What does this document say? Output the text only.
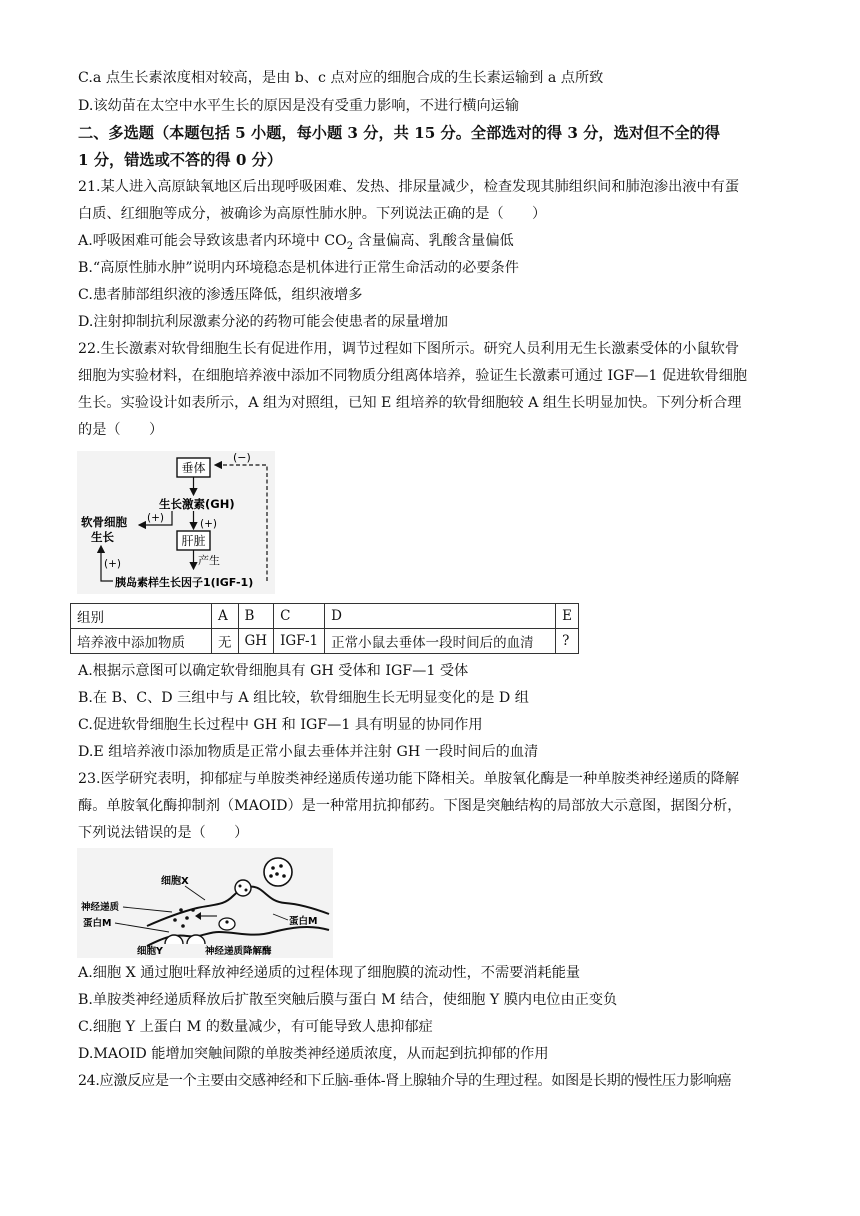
C.a 点生长素浓度相对较高，是由 b、c 点对应的细胞合成的生长素运输到 a 点所致
D.该幼苗在太空中水平生长的原因是没有受重力影响，不进行横向运输
二、多选题（本题包括 5 小题，每小题 3 分，共 15 分。全部选对的得 3 分，选对但不全的得
1 分，错选或不答的得 0 分）
21.某人进入高原缺氧地区后出现呼吸困难、发热、排尿量减少，检查发现其肺组织间和肺泡渗出液中有蛋
白质、红细胞等成分，被确诊为高原性肺水肿。下列说法正确的是（　　）
A.呼吸困难可能会导致该患者内环境中 $CO_2$ 含量偏高、乳酸含量偏低
B.“高原性肺水肿”说明内环境稳态是机体进行正常生命活动的必要条件
C.患者肺部组织液的渗透压降低，组织液增多
D.注射抑制抗利尿激素分泌的药物可能会使患者的尿量增加
22.生长激素对软骨细胞生长有促进作用，调节过程如下图所示。研究人员利用无生长激素受体的小鼠软骨
细胞为实验材料，在细胞培养液中添加不同物质分组离体培养，验证生长激素可通过 IGF—1 促进软骨细胞
生长。实验设计如表所示，A 组为对照组，已知 E 组培养的软骨细胞较 A 组生长明显加快。下列分析合理
的是（　　）
垂体
(−)
生长激素(GH)
(+)
软骨细胞
生长
(+)
肝脏
产生
(+)
胰岛素样生长因子1(IGF-1)
组别	A	B	C	D	E
培养液中添加物质	无	GH	IGF-1	正常小鼠去垂体一段时间后的血清	?
A.根据示意图可以确定软骨细胞具有 GH 受体和 IGF—1 受体
B.在 B、C、D 三组中与 A 组比较，软骨细胞生长无明显变化的是 D 组
C.促进软骨细胞生长过程中 GH 和 IGF—1 具有明显的协同作用
D.E 组培养液巾添加物质是正常小鼠去垂体并注射 GH 一段时间后的血清
23.医学研究表明，抑郁症与单胺类神经递质传递功能下降相关。单胺氧化酶是一种单胺类神经递质的降解
酶。单胺氧化酶抑制剂（MAOID）是一种常用抗抑郁药。下图是突触结构的局部放大示意图，据图分析，
下列说法错误的是（　　）
细胞X
神经递质
蛋白M
细胞Y	神经递质降解酶
蛋白M
A.细胞 X 通过胞吐释放神经递质的过程体现了细胞膜的流动性，不需要消耗能量
B.单胺类神经递质释放后扩散至突触后膜与蛋白 M 结合，使细胞 Y 膜内电位由正变负
C.细胞 Y 上蛋白 M 的数量减少，有可能导致人患抑郁症
D.MAOID 能增加突触间隙的单胺类神经递质浓度，从而起到抗抑郁的作用
24.应激反应是一个主要由交感神经和下丘脑-垂体-肾上腺轴介导的生理过程。如图是长期的慢性压力影响癌
